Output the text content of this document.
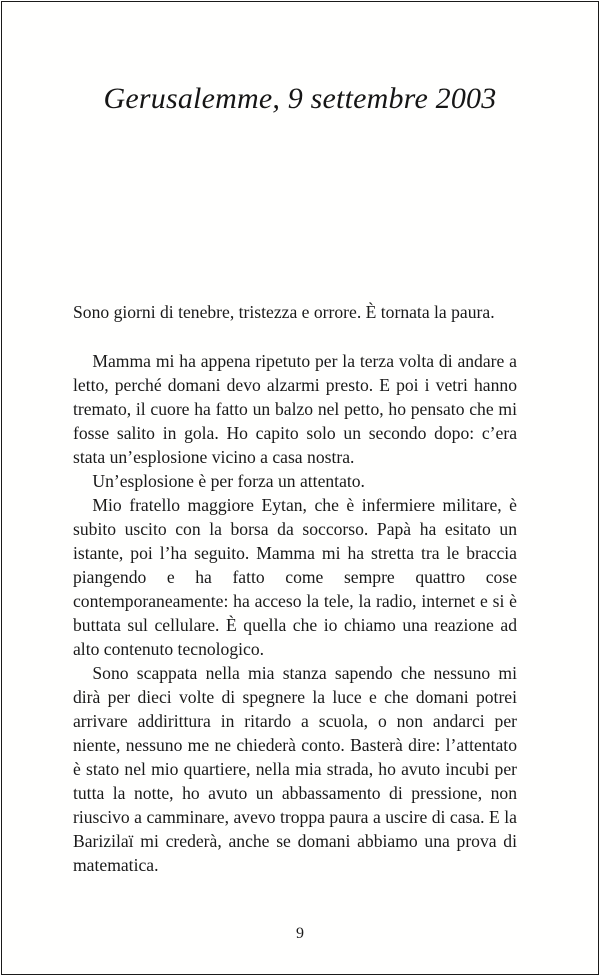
Gerusalemme, 9 settembre 2003

Sono giorni di tenebre, tristezza e orrore. È tornata la paura.

Mamma mi ha appena ripetuto per la terza volta di andare a letto, perché domani devo alzarmi presto. E poi i vetri hanno tremato, il cuore ha fatto un balzo nel petto, ho pensato che mi fosse salito in gola. Ho capito solo un secondo dopo: c’era stata un’esplosione vicino a casa nostra.

Un’esplosione è per forza un attentato.

Mio fratello maggiore Eytan, che è infermiere militare, è subito uscito con la borsa da soccorso. Papà ha esitato un istante, poi l’ha seguito. Mamma mi ha stretta tra le braccia piangendo e ha fatto come sempre quattro cose contemporaneamente: ha acceso la tele, la radio, internet e si è buttata sul cellulare. È quella che io chiamo una reazione ad alto contenuto tecnologico.

Sono scappata nella mia stanza sapendo che nessuno mi dirà per dieci volte di spegnere la luce e che domani potrei arrivare addirittura in ritardo a scuola, o non andarci per niente, nessuno me ne chiederà conto. Basterà dire: l’attentato è stato nel mio quartiere, nella mia strada, ho avuto incubi per tutta la notte, ho avuto un abbassamento di pressione, non riuscivo a camminare, avevo troppa paura a uscire di casa. E la Barizilaï mi crederà, anche se domani abbiamo una prova di matematica.

9
